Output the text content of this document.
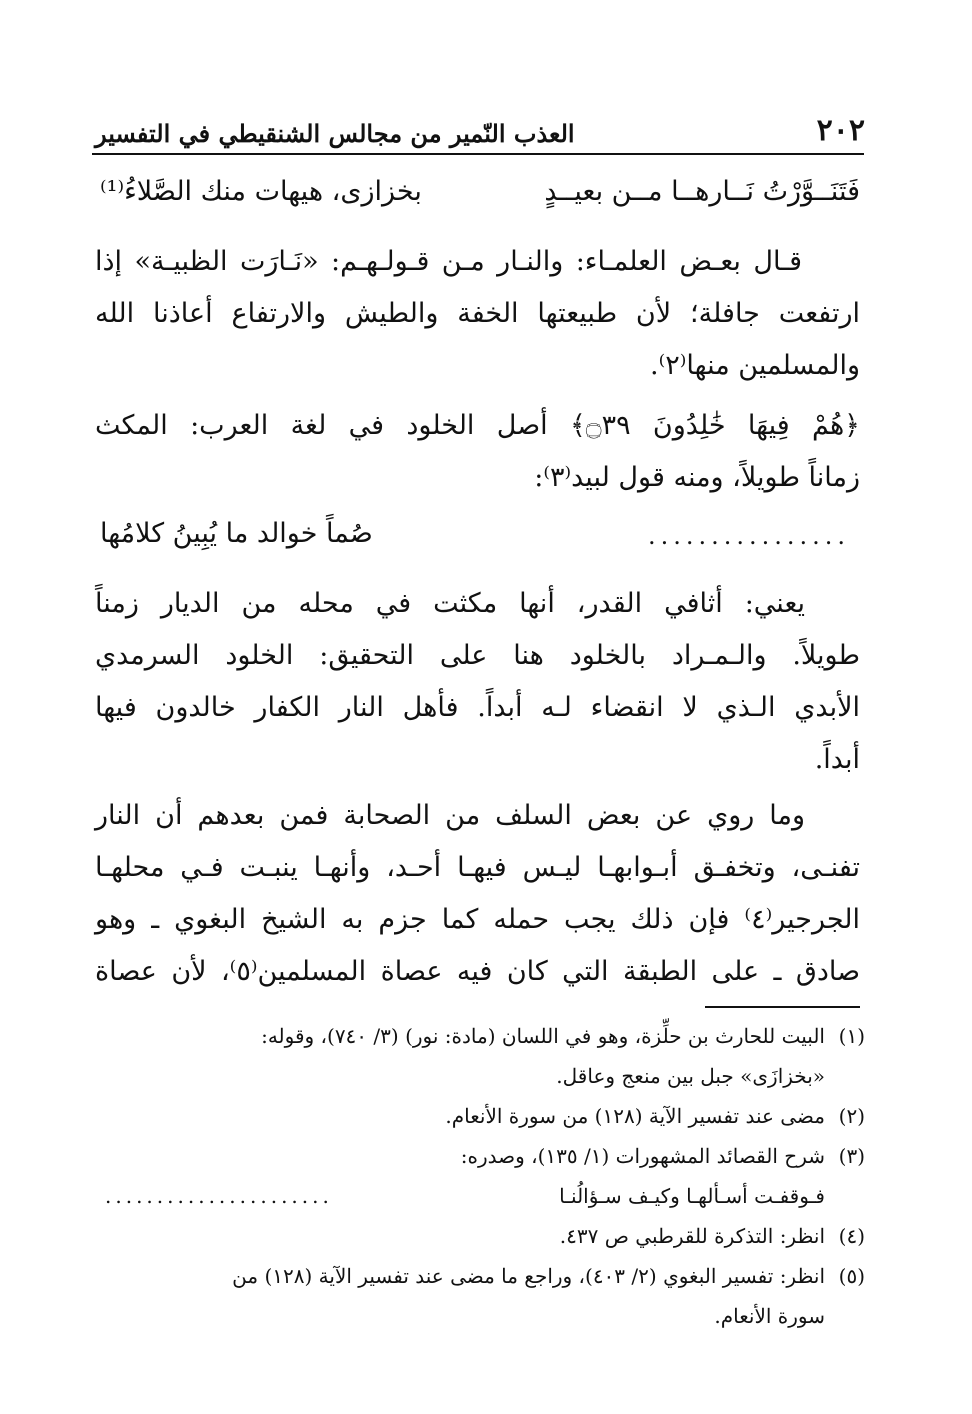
٢٠٢
العذب النّمير من مجالس الشنقيطي في التفسير
فَتَنَــوَّرْتُ نَــارهــا مــن بعيــدٍ
بخزازى، هيهات منك الصَّلاءُ⁽¹⁾
قـال بعـض العلمـاء: والنـار مـن قـولـهـم: «نَـارَت الظبيـة» إذا
ارتفعت جافلة؛ لأن طبيعتها الخفة والطيش والارتفاع أعاذنا الله
والمسلمين منها⁽٢⁾.
﴿هُمْ فِيهَا خَٰلِدُونَ ۝٣٩﴾ أصل الخلود في لغة العرب: المكث
زماناً طويلاً، ومنه قول لبيد⁽٣⁾:
................
صُماً خوالد ما يُبِينُ كلامُها
يعني: أثافي القدر، أنها مكثت في محله من الديار زمناً
طويلاً. والـمـراد بالخلود هنا على التحقيق: الخلود السرمدي
الأبدي الـذي لا انقضاء لـه أبداً. فأهل النار الكفار خالدون فيها
أبداً.
وما روي عن بعض السلف من الصحابة فمن بعدهم أن النار
تفنـى، وتخفـق أبـوابهـا ليـس فيهـا أحـد، وأنهـا ينبـت فـي محلهـا
الجرجير⁽٤⁾ فإن ذلك يجب حمله كما جزم به الشيخ البغوي ـ وهو
صادق ـ على الطبقة التي كان فيه عصاة المسلمين⁽٥⁾، لأن عصاة
(١)
البيت للحارث بن حلِّزة، وهو في اللسان (مادة: نور) (٣/ ٧٤٠)، وقوله:
«بخزازَى» جبل بين منعج وعاقل.
(٢)
مضى عند تفسير الآية (١٢٨) من سورة الأنعام.
(٣)
شرح القصائد المشهورات (١/ ١٣٥)، وصدره:
فـوقفـت أسـألهـا وكيـف سـؤالُنـا
......................
(٤)
انظر: التذكرة للقرطبي ص ٤٣٧.
(٥)
انظر: تفسير البغوي (٢/ ٤٠٣)، وراجع ما مضى عند تفسير الآية (١٢٨) من
سورة الأنعام.
